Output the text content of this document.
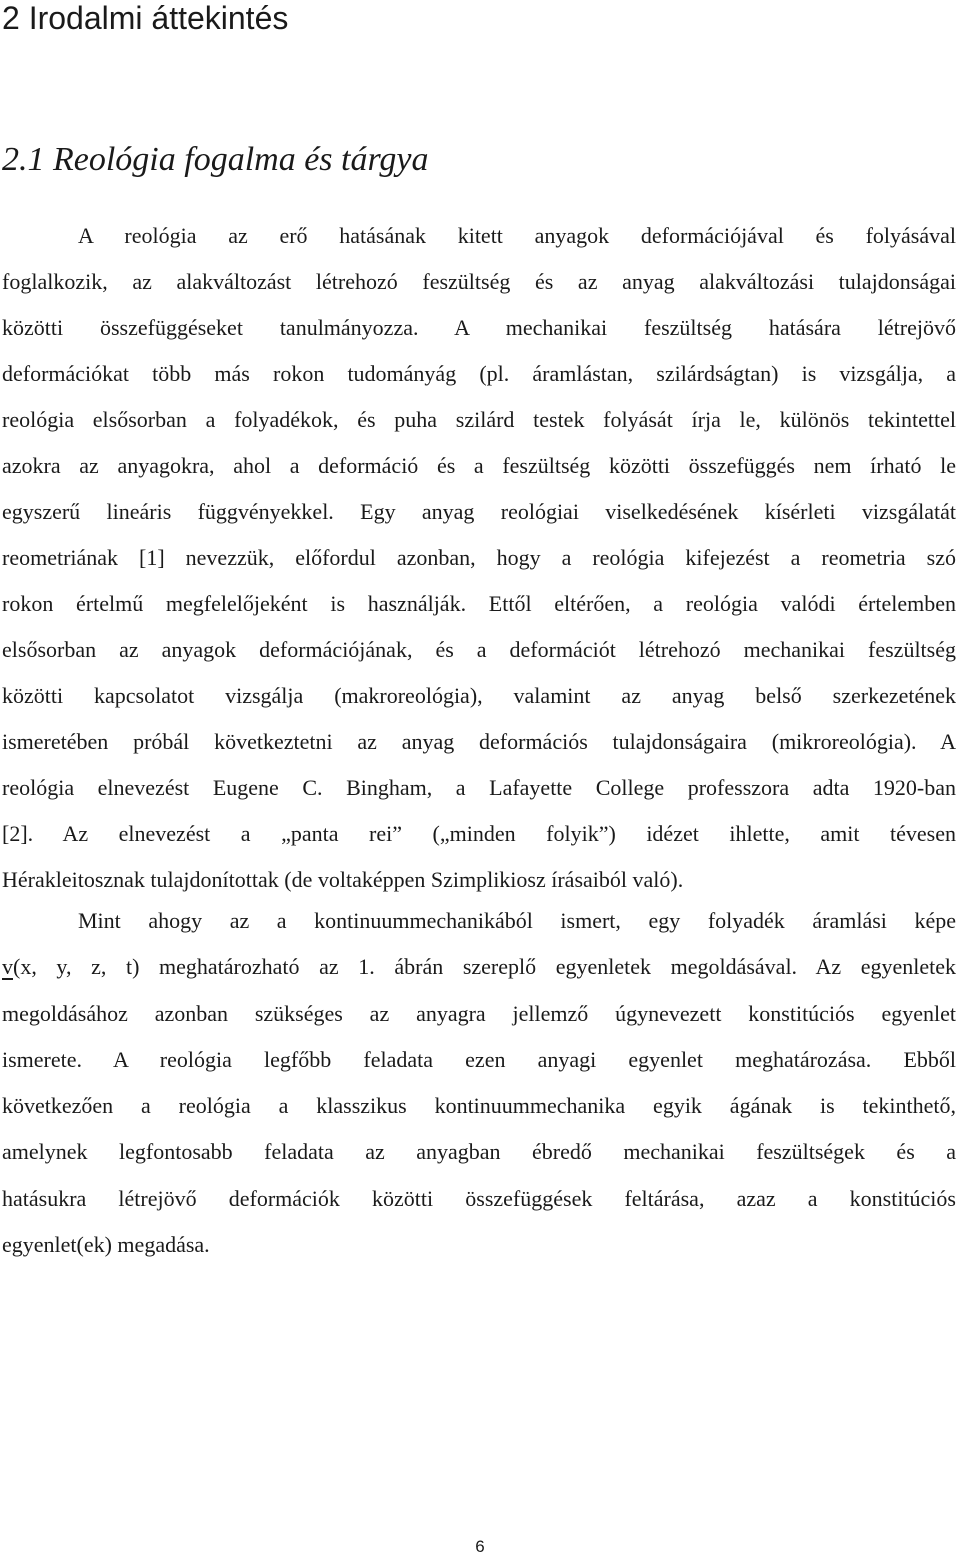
2 Irodalmi áttekintés
2.1 Reológia fogalma és tárgya
A reológia az erő hatásának kitett anyagok deformációjával és folyásával
foglalkozik, az alakváltozást létrehozó feszültség és az anyag alakváltozási tulajdonságai
közötti összefüggéseket tanulmányozza. A mechanikai feszültség hatására létrejövő
deformációkat több más rokon tudományág (pl. áramlástan, szilárdságtan) is vizsgálja, a
reológia elsősorban a folyadékok, és puha szilárd testek folyását írja le, különös tekintettel
azokra az anyagokra, ahol a deformáció és a feszültség közötti összefüggés nem írható le
egyszerű lineáris függvényekkel. Egy anyag reológiai viselkedésének kísérleti vizsgálatát
reometriának [1] nevezzük, előfordul azonban, hogy a reológia kifejezést a reometria szó
rokon értelmű megfelelőjeként is használják. Ettől eltérően, a reológia valódi értelemben
elsősorban az anyagok deformációjának, és a deformációt létrehozó mechanikai feszültség
közötti kapcsolatot vizsgálja (makroreológia), valamint az anyag belső szerkezetének
ismeretében próbál következtetni az anyag deformációs tulajdonságaira (mikroreológia). A
reológia elnevezést Eugene C. Bingham, a Lafayette College professzora adta 1920-ban
[2]. Az elnevezést a „panta rei” („minden folyik”) idézet ihlette, amit tévesen
Hérakleitosznak tulajdonítottak (de voltaképpen Szimplikiosz írásaiból való).
Mint ahogy az a kontinuummechanikából ismert, egy folyadék áramlási képe
v(x, y, z, t) meghatározható az 1. ábrán szereplő egyenletek megoldásával. Az egyenletek
megoldásához azonban szükséges az anyagra jellemző úgynevezett konstitúciós egyenlet
ismerete. A reológia legfőbb feladata ezen anyagi egyenlet meghatározása. Ebből
következően a reológia a klasszikus kontinuummechanika egyik ágának is tekinthető,
amelynek legfontosabb feladata az anyagban ébredő mechanikai feszültségek és a
hatásukra létrejövő deformációk közötti összefüggések feltárása, azaz a konstitúciós
egyenlet(ek) megadása.
6
